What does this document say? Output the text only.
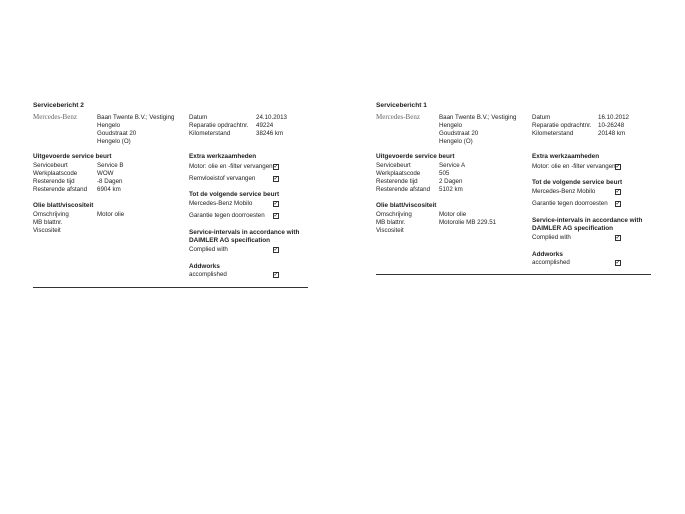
Servicebericht 2
Mercedes-Benz	Baan Twente B.V.; Vestiging
Hengelo
Goudstraat 20
Hengelo (O)
Datum	24.10.2013
Reparatie opdrachtnr. 49224
Kilometerstand	38246 km
Uitgevoerde service beurt
Servicebeurt	Service B
Werkplaatscode	WOW
Resterende tijd	-8 Dagen
Resterende afstand 6904 km
Olie blatt/viscositeit
Omschrijving	Motor olie
MB blattnr.
Viscositeit
Extra werkzaamheden
Motor: olie en -filter vervangen ✓
Remvloeistof vervangen	✓
Tot de volgende service beurt
Mercedes-Benz Mobilo	✓
Garantie tegen doorroesten ✓
Service-intervals in accordance with
DAIMLER AG specification
Complied with	✓
Addworks
accomplished	✓
Servicebericht 1
Mercedes-Benz	Baan Twente B.V.; Vestiging
Hengelo
Goudstraat 20
Hengelo (O)
Datum	16.10.2012
Reparatie opdrachtnr. 10-26248
Kilometerstand	20148 km
Uitgevoerde service beurt
Servicebeurt	Service A
Werkplaatscode	505
Resterende tijd	2 Dagen
Resterende afstand 5102 km
Olie blatt/viscositeit
Omschrijving	Motor olie
MB blattnr.	Motorolie MB 229.51
Viscositeit
Extra werkzaamheden
Motor: olie en -filter vervangen ✓
Tot de volgende service beurt
Mercedes-Benz Mobilo	✓
Garantie tegen doorroesten ✓
Service-intervals in accordance with
DAIMLER AG specification
Complied with	✓
Addworks
accomplished	✓
